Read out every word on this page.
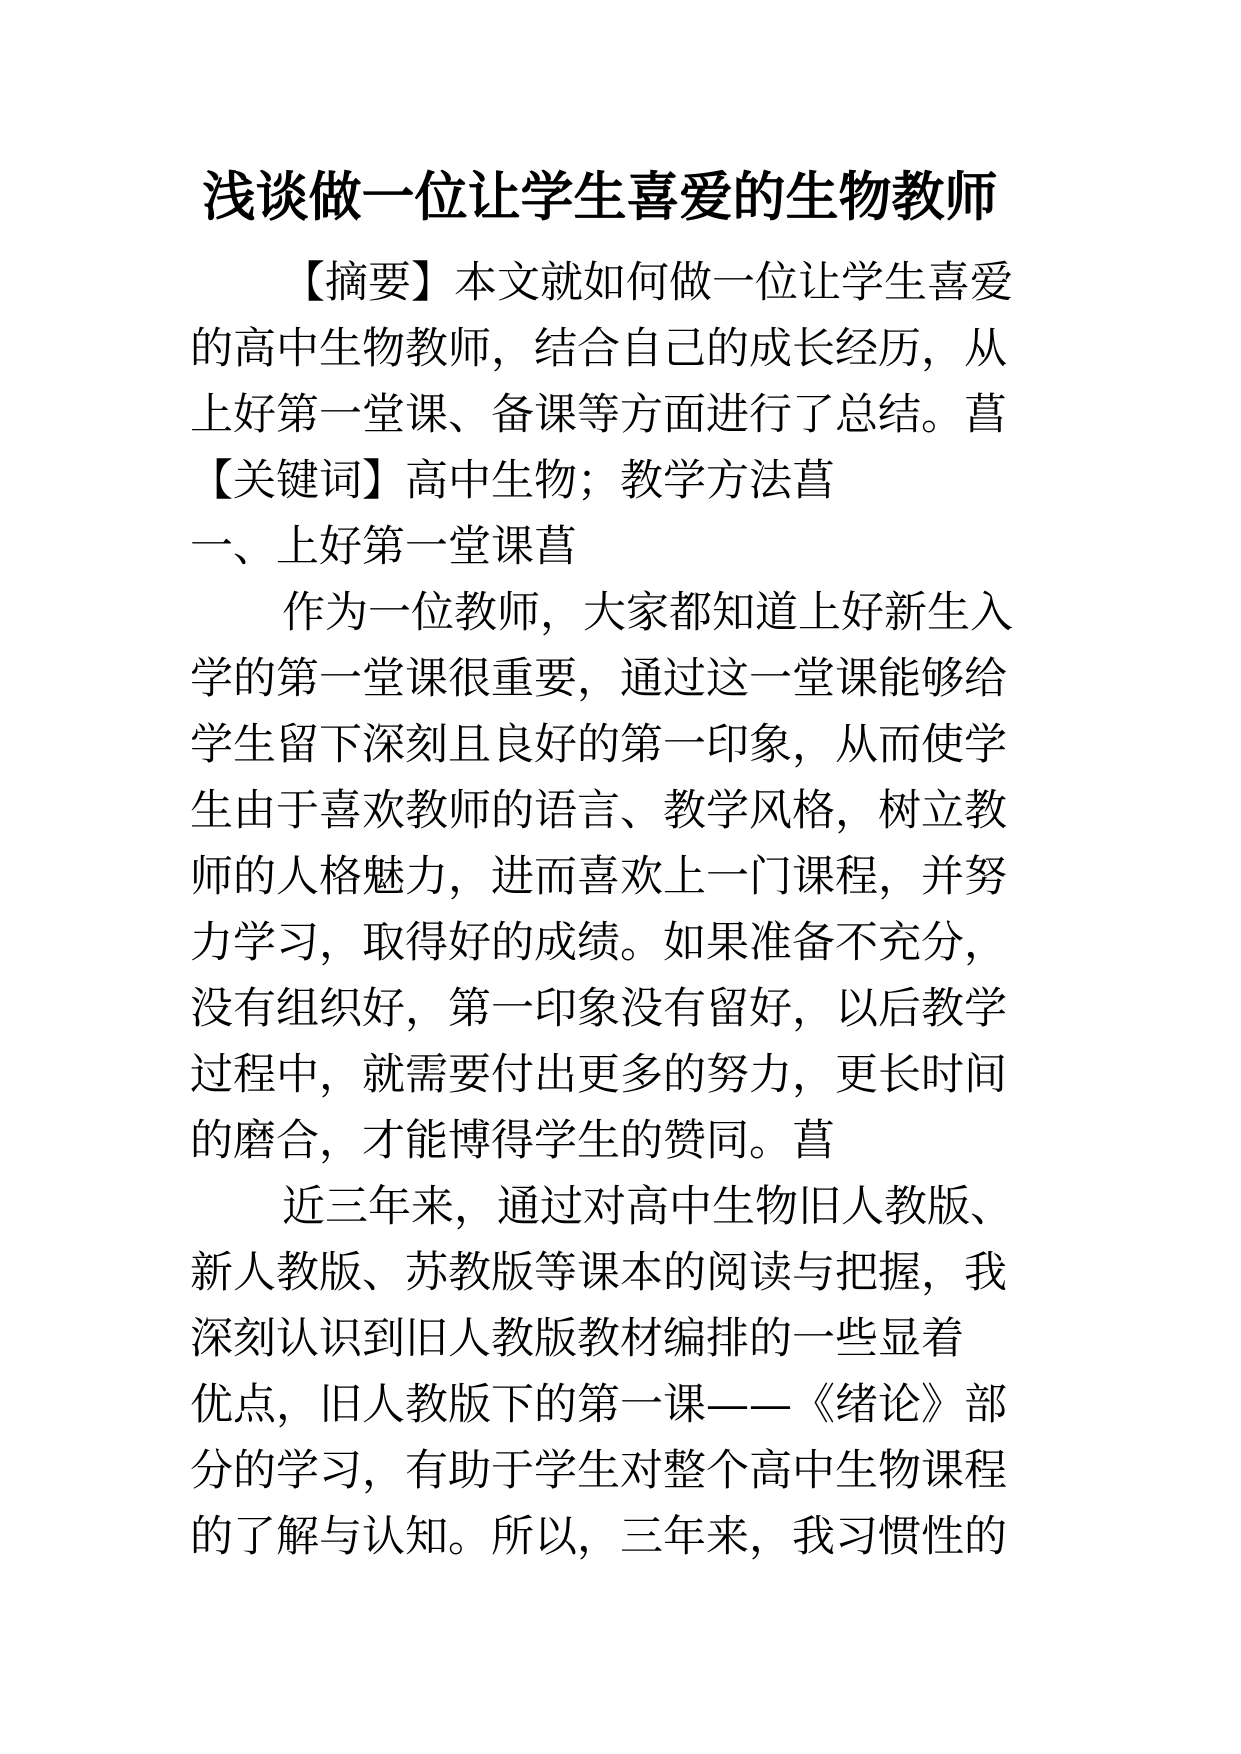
浅谈做一位让学生喜爱的生物教师
【摘要】本文就如何做一位让学生喜爱
的高中生物教师，结合自己的成长经历，从
上好第一堂课、备课等方面进行了总结。菖
【关键词】高中生物；教学方法菖
一、上好第一堂课菖
作为一位教师，大家都知道上好新生入
学的第一堂课很重要，通过这一堂课能够给
学生留下深刻且良好的第一印象，从而使学
生由于喜欢教师的语言、教学风格，树立教
师的人格魅力，进而喜欢上一门课程，并努
力学习，取得好的成绩。如果准备不充分，
没有组织好，第一印象没有留好，以后教学
过程中，就需要付出更多的努力，更长时间
的磨合，才能博得学生的赞同。菖
近三年来，通过对高中生物旧人教版、
新人教版、苏教版等课本的阅读与把握，我
深刻认识到旧人教版教材编排的一些显着
优点，旧人教版下的第一课——《绪论》部
分的学习，有助于学生对整个高中生物课程
的了解与认知。所以，三年来，我习惯性的
